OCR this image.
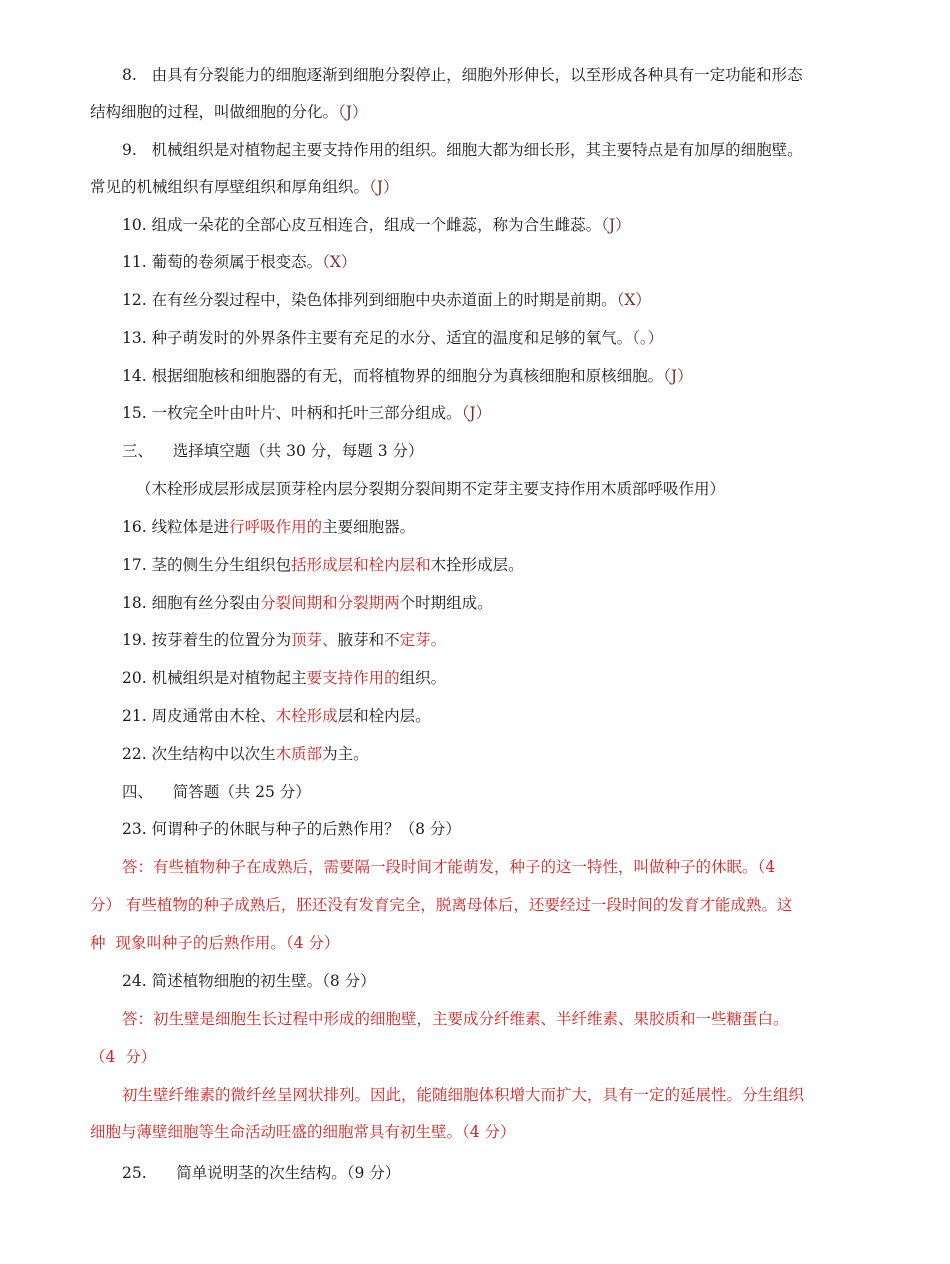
8. 由具有分裂能力的细胞逐渐到细胞分裂停止，细胞外形伸长，以至形成各种具有一定功能和形态
结构细胞的过程，叫做细胞的分化。（J）
9. 机械组织是对植物起主要支持作用的组织。细胞大都为细长形，其主要特点是有加厚的细胞壁。
常见的机械组织有厚壁组织和厚角组织。（J）
10. 组成一朵花的全部心皮互相连合，组成一个雌蕊，称为合生雌蕊。（J）
11. 葡萄的卷须属于根变态。（X）
12. 在有丝分裂过程中，染色体排列到细胞中央赤道面上的时期是前期。（X）
13. 种子萌发时的外界条件主要有充足的水分、适宜的温度和足够的氧气。（。）
14. 根据细胞核和细胞器的有无，而将植物界的细胞分为真核细胞和原核细胞。（J）
15. 一枚完全叶由叶片、叶柄和托叶三部分组成。（J）
三、    选择填空题（共 30 分，每题 3 分）
（木栓形成层形成层顶芽栓内层分裂期分裂间期不定芽主要支持作用木质部呼吸作用）
16. 线粒体是进行呼吸作用的主要细胞器。
17. 茎的侧生分生组织包括形成层和栓内层和木拴形成层。
18. 细胞有丝分裂由分裂间期和分裂期两个时期组成。
19. 按芽着生的位置分为顶芽、腋芽和不定芽。
20. 机械组织是对植物起主要支持作用的组织。
21. 周皮通常由木栓、木栓形成层和栓内层。
22. 次生结构中以次生木质部为主。
四、    简答题（共 25 分）
23. 何谓种子的休眠与种子的后熟作用？（8 分）
答：有些植物种子在成熟后，需要隔一段时间才能萌发，种子的这一特性，叫做种子的休眠。（4
分） 有些植物的种子成熟后，胚还没有发育完全，脱离母体后，还要经过一段时间的发育才能成熟。这
种  现象叫种子的后熟作用。（4 分）
24. 简述植物细胞的初生壁。（8 分）
答：初生壁是细胞生长过程中形成的细胞壁，主要成分纤维素、半纤维素、果胶质和一些糖蛋白。
（4  分）
初生壁纤维素的微纤丝呈网状排列。因此，能随细胞体积增大而扩大，具有一定的延展性。分生组织
细胞与薄壁细胞等生命活动旺盛的细胞常具有初生壁。（4 分）
25.      简单说明茎的次生结构。（9 分）
